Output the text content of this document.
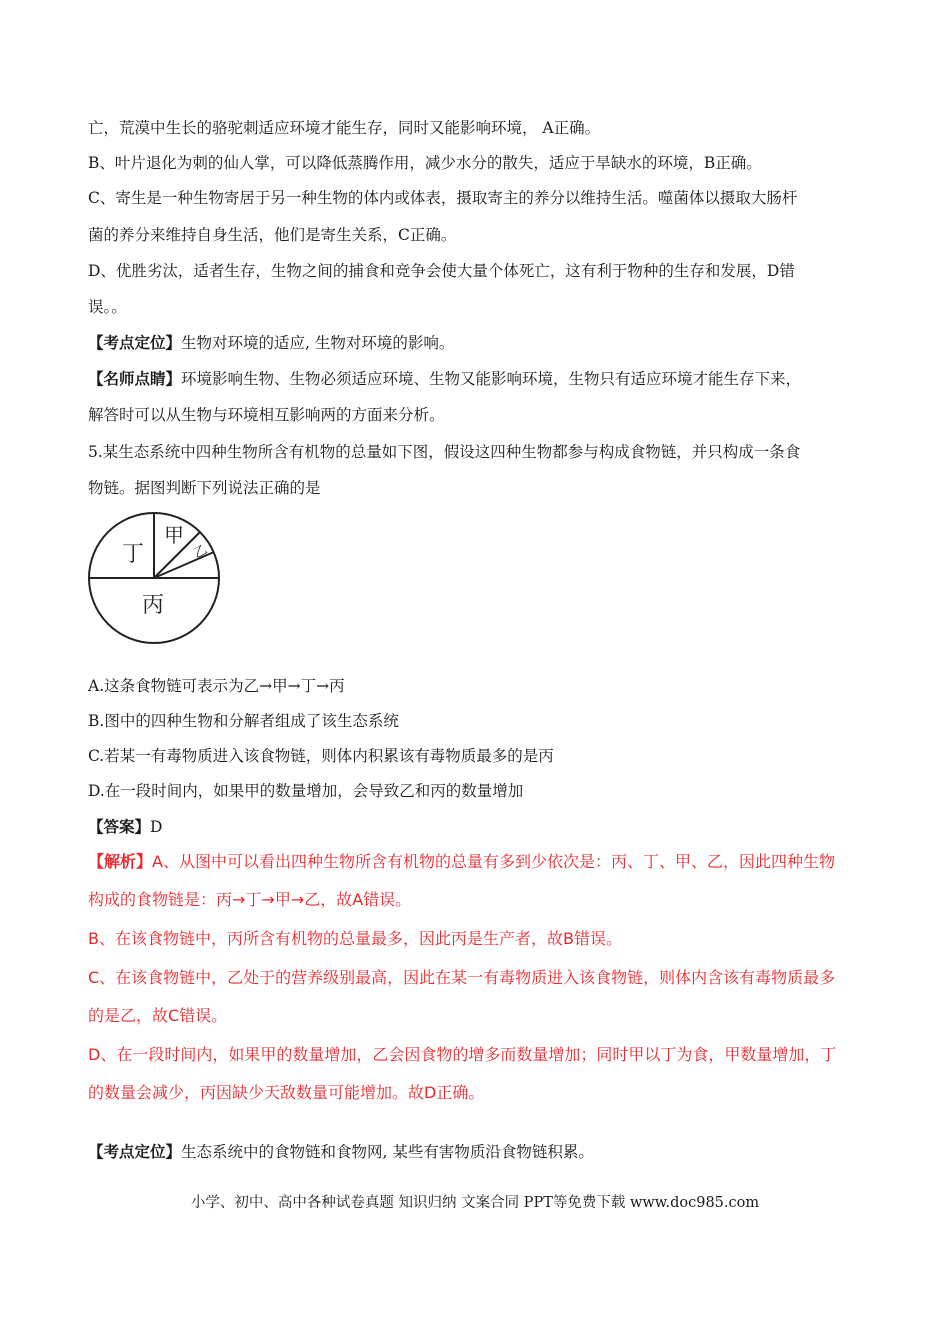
亡，荒漠中生长的骆驼刺适应环境才能生存，同时又能影响环境， A正确。
B、叶片退化为刺的仙人掌，可以降低蒸腾作用，减少水分的散失，适应于旱缺水的环境，B正确。
C、寄生是一种生物寄居于另一种生物的体内或体表，摄取寄主的养分以维持生活。噬菌体以摄取大肠杆
菌的养分来维持自身生活，他们是寄生关系，C正确。
D、优胜劣汰，适者生存，生物之间的捕食和竞争会使大量个体死亡，这有利于物种的生存和发展，D错
误。。
【考点定位】生物对环境的适应, 生物对环境的影响。
【名师点睛】环境影响生物、生物必须适应环境、生物又能影响环境，生物只有适应环境才能生存下来，
解答时可以从生物与环境相互影响两的方面来分析。
5.某生态系统中四种生物所含有机物的总量如下图，假设这四种生物都参与构成食物链，并只构成一条食
物链。据图判断下列说法正确的是
丁
甲
乙
丙
A.这条食物链可表示为乙→甲→丁→丙
B.图中的四种生物和分解者组成了该生态系统
C.若某一有毒物质进入该食物链，则体内积累该有毒物质最多的是丙
D.在一段时间内，如果甲的数量增加，会导致乙和丙的数量增加
【答案】D
【解析】A、从图中可以看出四种生物所含有机物的总量有多到少依次是：丙、丁、甲、乙，因此四种生物
构成的食物链是：丙→丁→甲→乙，故A错误。
B、在该食物链中，丙所含有机物的总量最多，因此丙是生产者，故B错误。
C、在该食物链中，乙处于的营养级别最高，因此在某一有毒物质进入该食物链，则体内含该有毒物质最多
的是乙，故C错误。
D、在一段时间内，如果甲的数量增加，乙会因食物的增多而数量增加；同时甲以丁为食，甲数量增加，丁
的数量会减少，丙因缺少天敌数量可能增加。故D正确。
【考点定位】生态系统中的食物链和食物网, 某些有害物质沿食物链积累。
小学、初中、高中各种试卷真题 知识归纳 文案合同 PPT等免费下载 www.doc985.com
